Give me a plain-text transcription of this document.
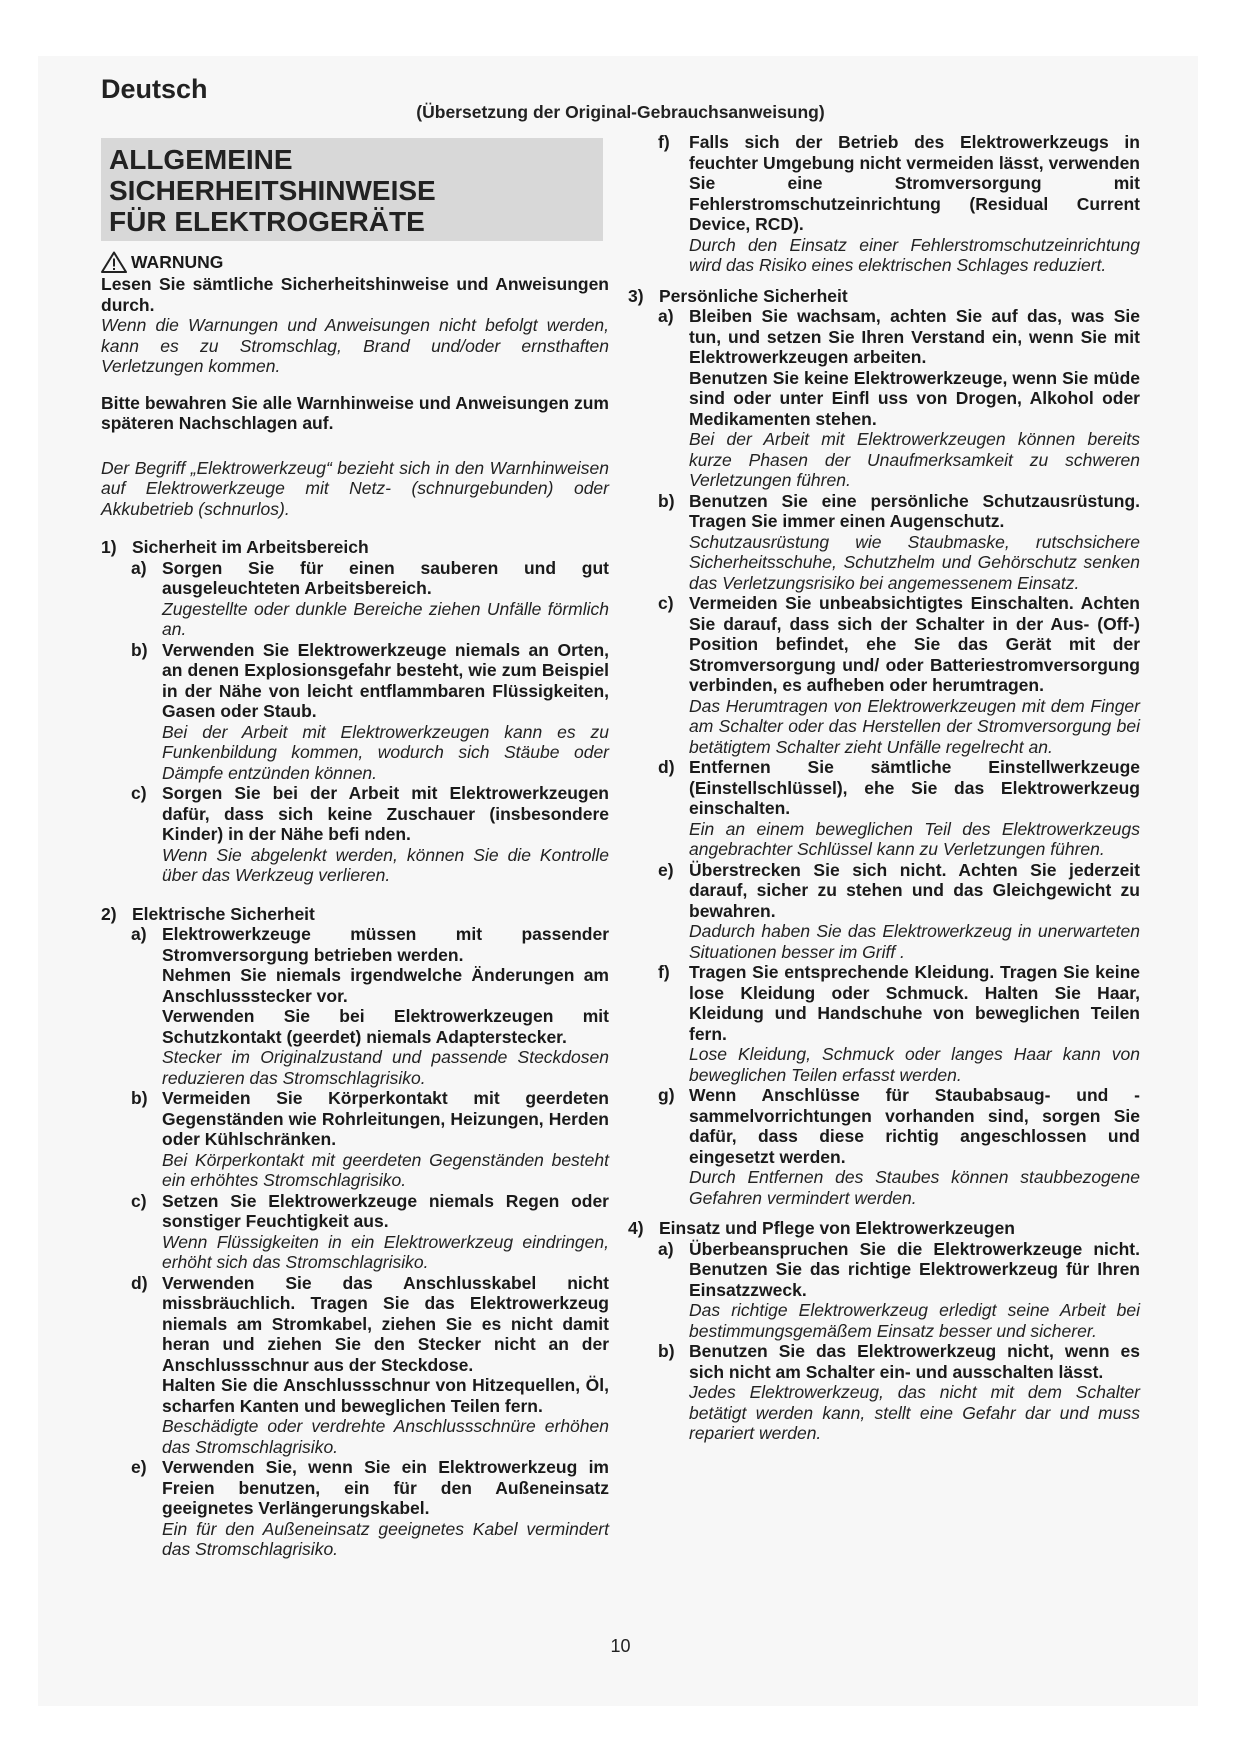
Deutsch
(Übersetzung der Original-Gebrauchsanweisung)
ALLGEMEINE SICHERHEITSHINWEISE
FÜR ELEKTROGERÄTE
WARNUNG

Lesen Sie sämtliche Sicherheitshinweise und Anweisungen durch.

Wenn die Warnungen und Anweisungen nicht befolgt werden, kann es zu Stromschlag, Brand und/oder ernsthaften Verletzungen kommen.

Bitte bewahren Sie alle Warnhinweise und Anweisungen zum späteren Nachschlagen auf.

Der Begriff „Elektrowerkzeug“ bezieht sich in den Warnhinweisen auf Elektrowerkzeuge mit Netz- (schnurgebunden) oder Akkubetrieb (schnurlos).

1) Sicherheit im Arbeitsbereich
a) Sorgen Sie für einen sauberen und gut ausgeleuchteten Arbeitsbereich.

Zugestellte oder dunkle Bereiche ziehen Unfälle förmlich an.

b) Verwenden Sie Elektrowerkzeuge niemals an Orten, an denen Explosionsgefahr besteht, wie zum Beispiel in der Nähe von leicht entflammbaren Flüssigkeiten, Gasen oder Staub.

Bei der Arbeit mit Elektrowerkzeugen kann es zu Funkenbildung kommen, wodurch sich Stäube oder Dämpfe entzünden können.

c) Sorgen Sie bei der Arbeit mit Elektrowerkzeugen dafür, dass sich keine Zuschauer (insbesondere Kinder) in der Nähe befi nden.

Wenn Sie abgelenkt werden, können Sie die Kontrolle über das Werkzeug verlieren.

2) Elektrische Sicherheit
a) Elektrowerkzeuge müssen mit passender Stromversorgung betrieben werden.

Nehmen Sie niemals irgendwelche Änderungen am Anschlussstecker vor.

Verwenden Sie bei Elektrowerkzeugen mit Schutzkontakt (geerdet) niemals Adapterstecker.

Stecker im Originalzustand und passende Steckdosen reduzieren das Stromschlagrisiko.

b) Vermeiden Sie Körperkontakt mit geerdeten Gegenständen wie Rohrleitungen, Heizungen, Herden oder Kühlschränken.

Bei Körperkontakt mit geerdeten Gegenständen besteht ein erhöhtes Stromschlagrisiko.

c) Setzen Sie Elektrowerkzeuge niemals Regen oder sonstiger Feuchtigkeit aus.

Wenn Flüssigkeiten in ein Elektrowerkzeug eindringen, erhöht sich das Stromschlagrisiko.

d) Verwenden Sie das Anschlusskabel nicht missbräuchlich. Tragen Sie das Elektrowerkzeug niemals am Stromkabel, ziehen Sie es nicht damit heran und ziehen Sie den Stecker nicht an der Anschlussschnur aus der Steckdose.

Halten Sie die Anschlussschnur von Hitzequellen, Öl, scharfen Kanten und beweglichen Teilen fern.

Beschädigte oder verdrehte Anschlussschnüre erhöhen das Stromschlagrisiko.

e) Verwenden Sie, wenn Sie ein Elektrowerkzeug im Freien benutzen, ein für den Außeneinsatz geeignetes Verlängerungskabel.

Ein für den Außeneinsatz geeignetes Kabel vermindert das Stromschlagrisiko.

f)	Falls sich der Betrieb des Elektrowerkzeugs in feuchter Umgebung nicht vermeiden lässt, verwenden Sie eine Stromversorgung mit Fehlerstromschutzeinrichtung (Residual Current Device, RCD).

Durch den Einsatz einer Fehlerstromschutzeinrichtung wird das Risiko eines elektrischen Schlages reduziert.

3) Persönliche Sicherheit
a) Bleiben Sie wachsam, achten Sie auf das, was Sie tun, und setzen Sie Ihren Verstand ein, wenn Sie mit Elektrowerkzeugen arbeiten.

Benutzen Sie keine Elektrowerkzeuge, wenn Sie müde sind oder unter Einfl uss von Drogen, Alkohol oder Medikamenten stehen.

Bei der Arbeit mit Elektrowerkzeugen können bereits kurze Phasen der Unaufmerksamkeit zu schweren Verletzungen führen.

b) Benutzen Sie eine persönliche Schutzausrüstung. Tragen Sie immer einen Augenschutz.

Schutzausrüstung wie Staubmaske, rutschsichere Sicherheitsschuhe, Schutzhelm und Gehörschutz senken das Verletzungsrisiko bei angemessenem Einsatz.

c) Vermeiden Sie unbeabsichtigtes Einschalten. Achten Sie darauf, dass sich der Schalter in der Aus- (Off-) Position befindet, ehe Sie das Gerät mit der Stromversorgung und/ oder Batteriestromversorgung verbinden, es aufheben oder herumtragen.

Das Herumtragen von Elektrowerkzeugen mit dem Finger am Schalter oder das Herstellen der Stromversorgung bei betätigtem Schalter zieht Unfälle regelrecht an.

d) Entfernen Sie sämtliche Einstellwerkzeuge (Einstellschlüssel), ehe Sie das Elektrowerkzeug einschalten.

Ein an einem beweglichen Teil des Elektrowerkzeugs angebrachter Schlüssel kann zu Verletzungen führen.

e) Überstrecken Sie sich nicht. Achten Sie jederzeit darauf, sicher zu stehen und das Gleichgewicht zu bewahren.

Dadurch haben Sie das Elektrowerkzeug in unerwarteten Situationen besser im Griff .

f)	Tragen Sie entsprechende Kleidung. Tragen Sie keine lose Kleidung oder Schmuck. Halten Sie Haar, Kleidung und Handschuhe von beweglichen Teilen fern.

Lose Kleidung, Schmuck oder langes Haar kann von beweglichen Teilen erfasst werden.

g) Wenn Anschlüsse für Staubabsaug- und -sammelvorrichtungen vorhanden sind, sorgen Sie dafür, dass diese richtig angeschlossen und eingesetzt werden.

Durch Entfernen des Staubes können staubbezogene Gefahren vermindert werden.

4) Einsatz und Pflege von Elektrowerkzeugen
a) Überbeanspruchen Sie die Elektrowerkzeuge nicht. Benutzen Sie das richtige Elektrowerkzeug für Ihren Einsatzzweck.

Das richtige Elektrowerkzeug erledigt seine Arbeit bei bestimmungsgemäßem Einsatz besser und sicherer.

b) Benutzen Sie das Elektrowerkzeug nicht, wenn es sich nicht am Schalter ein- und ausschalten lässt.

Jedes Elektrowerkzeug, das nicht mit dem Schalter betätigt werden kann, stellt eine Gefahr dar und muss repariert werden.

10
